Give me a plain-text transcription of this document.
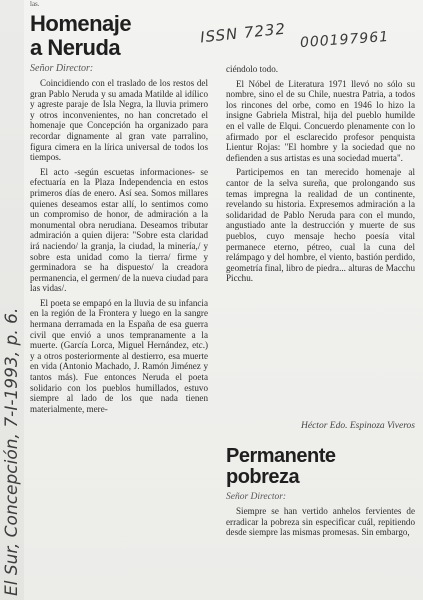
las.
Homenaje
a Neruda
Señor Director:

Coincidiendo con el traslado de los restos del gran Pablo Neruda y su amada Matilde al idílico y agreste paraje de Isla Negra, la lluvia primero y otros inconvenientes, no han concretado el homenaje que Concepción ha organizado para recordar dignamente al gran vate parralino, figura cimera en la lírica universal de todos los tiempos.

El acto -según escuetas informaciones- se efectuaría en la Plaza Independencia en estos primeros días de enero. Así sea. Somos millares quienes deseamos estar allí, lo sentimos como un compromiso de honor, de admiración a la monumental obra nerudiana. Deseamos tributar admiración a quien dijera: "Sobre esta claridad irá naciendo/ la granja, la ciudad, la minería,/ y sobre esta unidad como la tierra/ firme y germinadora se ha dispuesto/ la creadora permanencia, el germen/ de la nueva ciudad para las vidas/.

El poeta se empapó en la lluvia de su infancia en la región de la Frontera y luego en la sangre hermana derramada en la España de esa guerra civil que envió a unos tempranamente a la muerte. (García Lorca, Miguel Hernández, etc.) y a otros posteriormente al destierro, esa muerte en vida (Antonio Machado, J. Ramón Jiménez y tantos más). Fue entonces Neruda el poeta solidario con los pueblos humillados, estuvo siempre al lado de los que nada tienen materialmente, mere-

ciéndolo todo.

El Nóbel de Literatura 1971 llevó no sólo su nombre, sino el de su Chile, nuestra Patria, a todos los rincones del orbe, como en 1946 lo hizo la insigne Gabriela Mistral, hija del pueblo humilde en el valle de Elqui. Concuerdo plenamente con lo afirmado por el esclarecido profesor penquista Lientur Rojas: "El hombre y la sociedad que no defienden a sus artistas es una sociedad muerta".

Participemos en tan merecido homenaje al cantor de la selva sureña, que prolongando sus temas impregna la realidad de un continente, revelando su historia. Expresemos admiración a la solidaridad de Pablo Neruda para con el mundo, angustiado ante la destrucción y muerte de sus pueblos, cuyo mensaje hecho poesía vital permanece eterno, pétreo, cual la cuna del relámpago y del hombre, el viento, bastión perdido, geometría final, libro de piedra... alturas de Macchu Picchu.

Héctor Edo. Espinoza Viveros
Permanente
pobreza
Señor Director:

Siempre se han vertido anhelos fervientes de erradicar la pobreza sin especificar cuál, repitiendo desde siempre las mismas promesas. Sin embargo,

ISSN 7232 000197961
El Sur, Concepción, 7-I-1993, p. 6.
